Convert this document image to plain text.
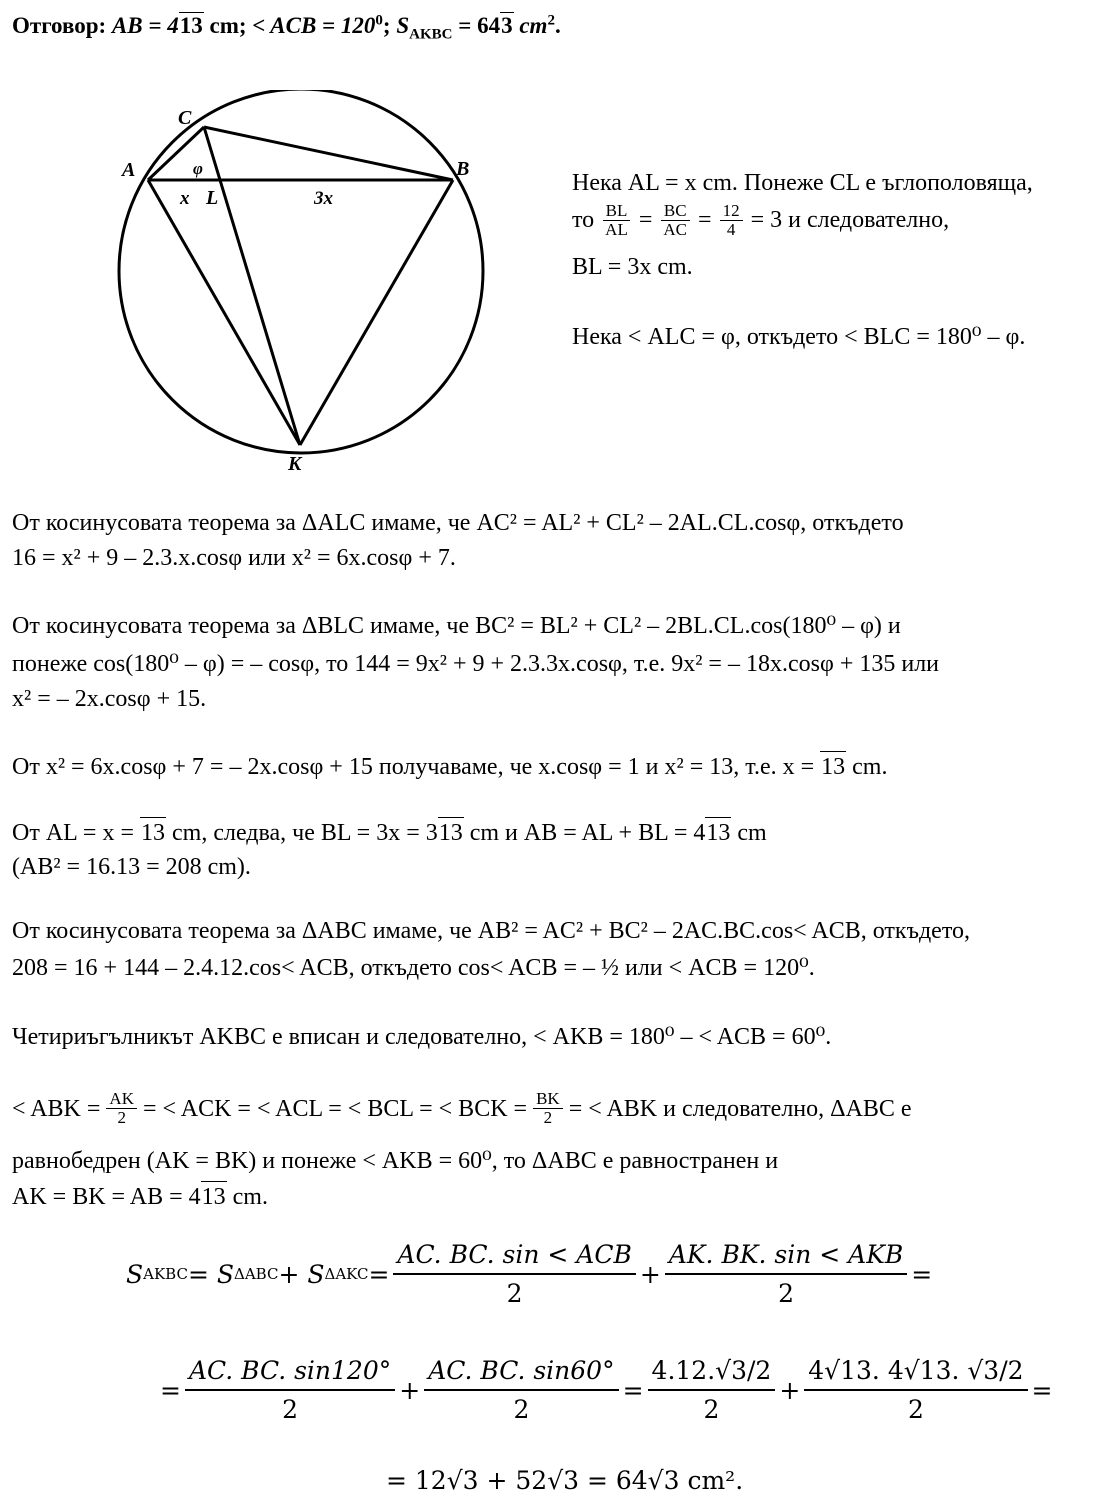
Отговор: AB = 413 cm; < ACB = $120^0$; $S_{AKBC} = 643$ $cm^2$.
C
A	B
K
L
x	3x
φ
Нека AL = x cm. Понеже CL е ъглополовяща,
то $\frac{BL}{AL} = \frac{BC}{AC} = \frac{12}{4} = 3$ и следователно,
BL = 3x cm.
Нека < ALC = φ, откъдето < BLC = 180⁰ – φ.
От косинусовата теорема за ΔALC имаме, че AC² = AL² + CL² – 2AL.CL.cosφ, откъдето
16 = x² + 9 – 2.3.x.cosφ или x² = 6x.cosφ + 7.
От косинусовата теорема за ΔBLC имаме, че BC² = BL² + CL² – 2BL.CL.cos(180⁰ – φ) и
понеже cos(180⁰ – φ) = – cosφ, то 144 = 9x² + 9 + 2.3.3x.cosφ, т.е. 9x² = – 18x.cosφ + 135 или
x² = – 2x.cosφ + 15.
От x² = 6x.cosφ + 7 = – 2x.cosφ + 15 получаваме, че x.cosφ = 1 и x² = 13, т.е. x = 13 cm.
От AL = x = 13 cm, следва, че BL = 3x = 313 cm и AB = AL + BL = 413 cm
(AB² = 16.13 = 208 cm).
От косинусовата теорема за ΔABC имаме, че AB² = AC² + BC² – 2AC.BC.cos< ACB, откъдето,
208 = 16 + 144 – 2.4.12.cos< ACB, откъдето cos< ACB = – ½ или < ACB = 120⁰.
Четириъгълникът AKBC е вписан и следователно, < AKB = 180⁰ – < ACB = 60⁰.
< ABK = $\frac{AK}{2}$ = < ACK = < ACL = < BCL = < BCK = $\frac{BK}{2}$ = < ABK и следователно, ΔABC е
равнобедрен (AK = BK) и понеже < AKB = 60⁰, то ΔABC е равностранен и
AK = BK = AB = 413 cm.
S AKBC = S ΔABC + S $\Delta AKC = \frac{\text{AC. BC. sin < ACB}}{2} + \frac{\text{AK. BK. sin < AKB}}{2}$ =
= $\frac{AC. BC. \sin 120^\circ}{2} + \frac{AC. BC. \sin 60^\circ}{2} = \frac{4.12.√3/2}{2} + \frac{4√13. 4√13. √3/2}{2}$ =
= 12√3 + 52√3 = 64√3 cm².
